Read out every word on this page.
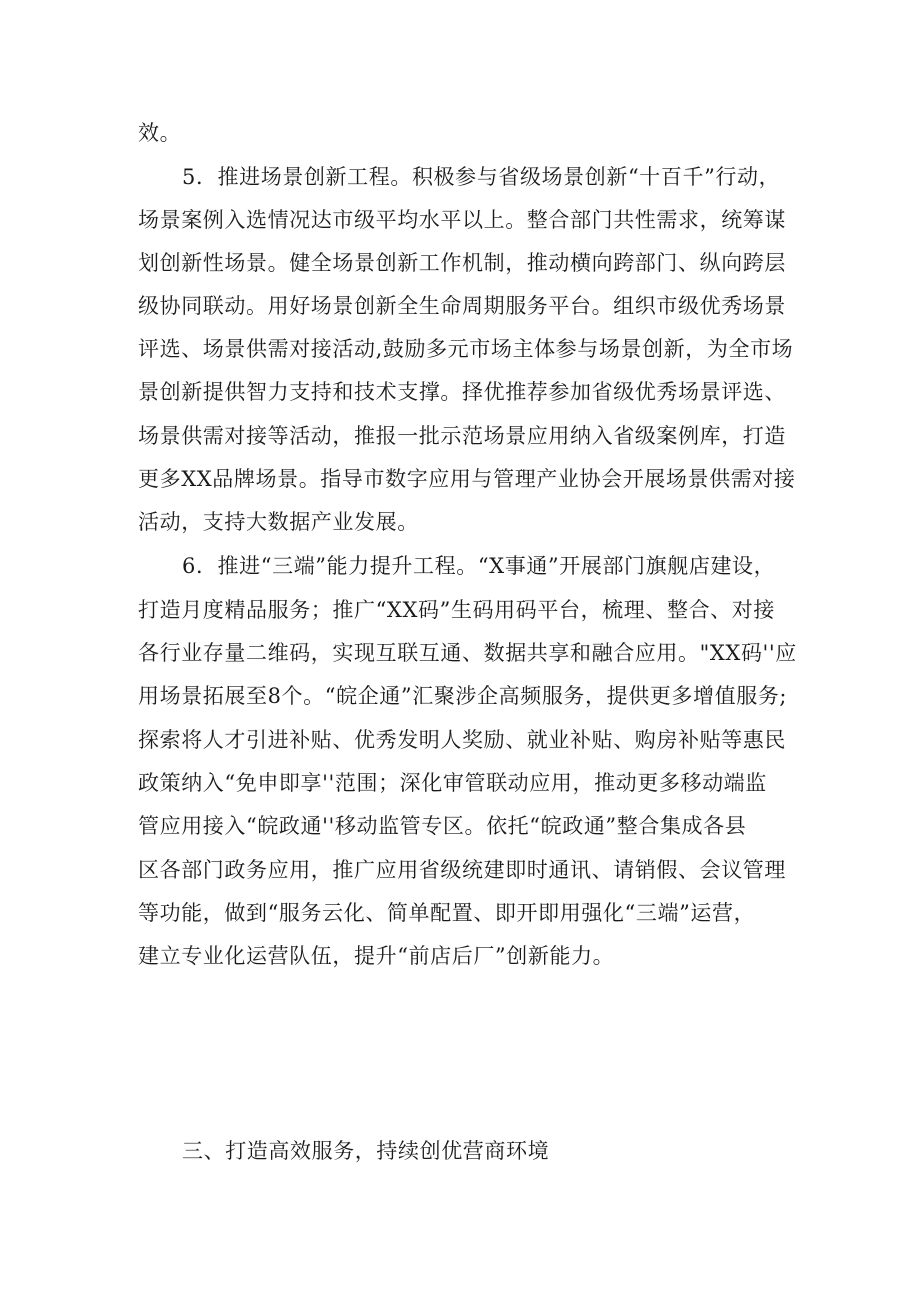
效。
5．推进场景创新工程。积极参与省级场景创新“十百千”行动，
场景案例入选情况达市级平均水平以上。整合部门共性需求，统筹谋
划创新性场景。健全场景创新工作机制，推动横向跨部门、纵向跨层
级协同联动。用好场景创新全生命周期服务平台。组织市级优秀场景
评选、场景供需对接活动,鼓励多元市场主体参与场景创新，为全市场
景创新提供智力支持和技术支撑。择优推荐参加省级优秀场景评选、
场景供需对接等活动，推报一批示范场景应用纳入省级案例库，打造
更多XX品牌场景。指导市数字应用与管理产业协会开展场景供需对接
活动，支持大数据产业发展。
6．推进“三端”能力提升工程。“X事通”开展部门旗舰店建设，
打造月度精品服务；推广“XX码”生码用码平台，梳理、整合、对接
各行业存量二维码，实现互联互通、数据共享和融合应用。"XX码''应
用场景拓展至8个。“皖企通”汇聚涉企高频服务，提供更多增值服务;
探索将人才引进补贴、优秀发明人奖励、就业补贴、购房补贴等惠民
政策纳入“免申即享''范围；深化审管联动应用，推动更多移动端监
管应用接入“皖政通''移动监管专区。依托“皖政通”整合集成各县
区各部门政务应用，推广应用省级统建即时通讯、请销假、会议管理
等功能，做到“服务云化、简单配置、即开即用强化“三端”运营，
建立专业化运营队伍，提升“前店后厂”创新能力。
三、打造高效服务，持续创优营商环境
